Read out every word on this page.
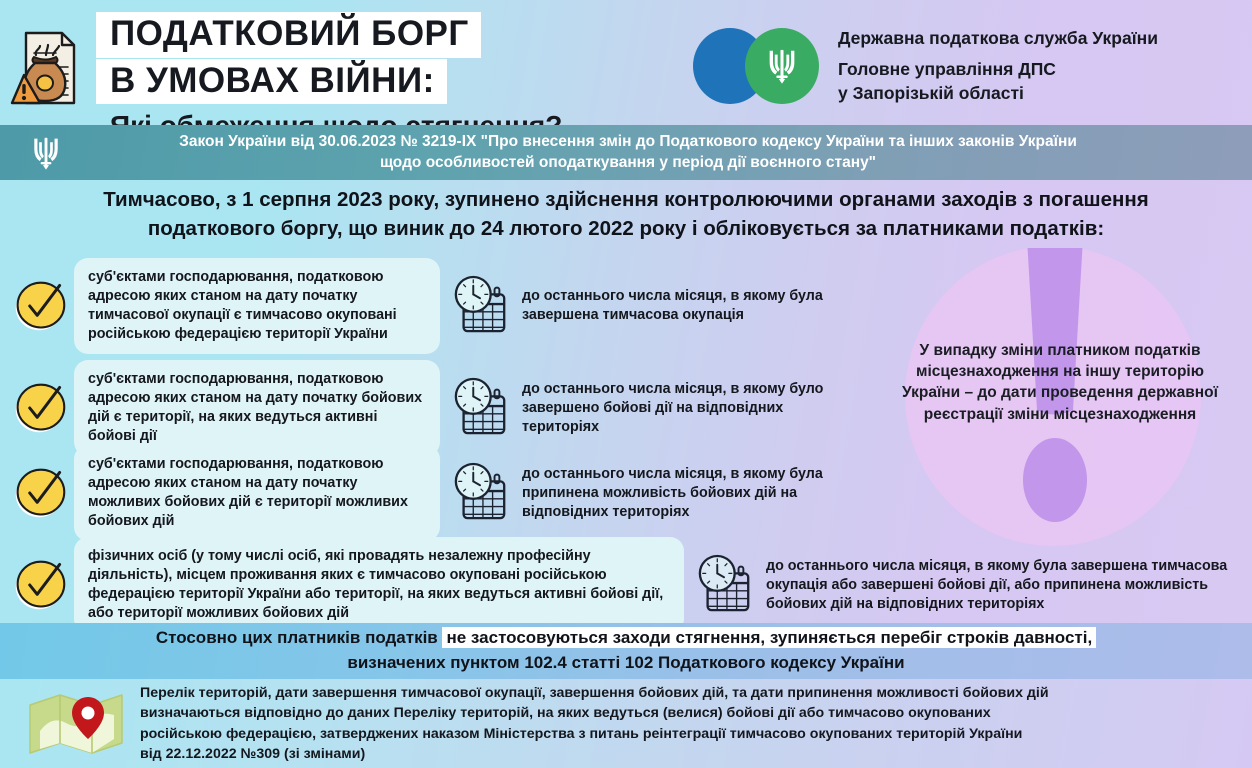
ПОДАТКОВИЙ БОРГ
В УМОВАХ ВІЙНИ:

Державна податкова служба України
Головне управління ДПС
у Запорізькій області
Закон України від 30.06.2023 № 3219-IX "Про внесення змін до Податкового кодексу України та інших законів України
щодо особливостей оподаткування у період дії воєнного стану"
Тимчасово, з 1 серпня 2023 року, зупинено здійснення контролюючими органами заходів з погашення
податкового боргу, що виник до 24 лютого 2022 року і обліковується за платниками податків:
У випадку зміни платником податків місцезнаходження на іншу територію України – до дати проведення державної реєстрації зміни місцезнаходження
суб'єктами господарювання, податковою адресою яких станом на дату початку тимчасової окупації є тимчасово окуповані російською федерацією території України
до останнього числа місяця, в якому була завершена тимчасова окупація
суб'єктами господарювання, податковою адресою яких станом на дату початку бойових дій є території, на яких ведуться активні бойові дії
до останнього числа місяця, в якому було завершено бойові дії на відповідних територіях
суб'єктами господарювання, податковою адресою яких станом на дату початку можливих бойових дій є території можливих бойових дій
до останнього числа місяця, в якому була припинена можливість бойових дій на відповідних територіях
фізичних осіб (у тому числі осіб, які провадять незалежну професійну діяльність), місцем проживання яких є тимчасово окуповані російською федерацією території України або території, на яких ведуться активні бойові дії, або території можливих бойових дій
до останнього числа місяця, в якому була завершена тимчасова окупація або завершені бойові дії, або припинена можливість бойових дій на відповідних територіях
Стосовно цих платників податків не застосовуються заходи стягнення, зупиняється перебіг строків давності,
визначених пунктом 102.4 статті 102 Податкового кодексу України
Перелік територій, дати завершення тимчасової окупації, завершення бойових дій, та дати припинення можливості бойових дій
визначаються відповідно до даних Переліку територій, на яких ведуться (велися) бойові дії або тимчасово окупованих
російською федерацією, затверджених наказом Міністерства з питань реінтеграції тимчасово окупованих територій України
від 22.12.2022 №309 (зі змінами)
